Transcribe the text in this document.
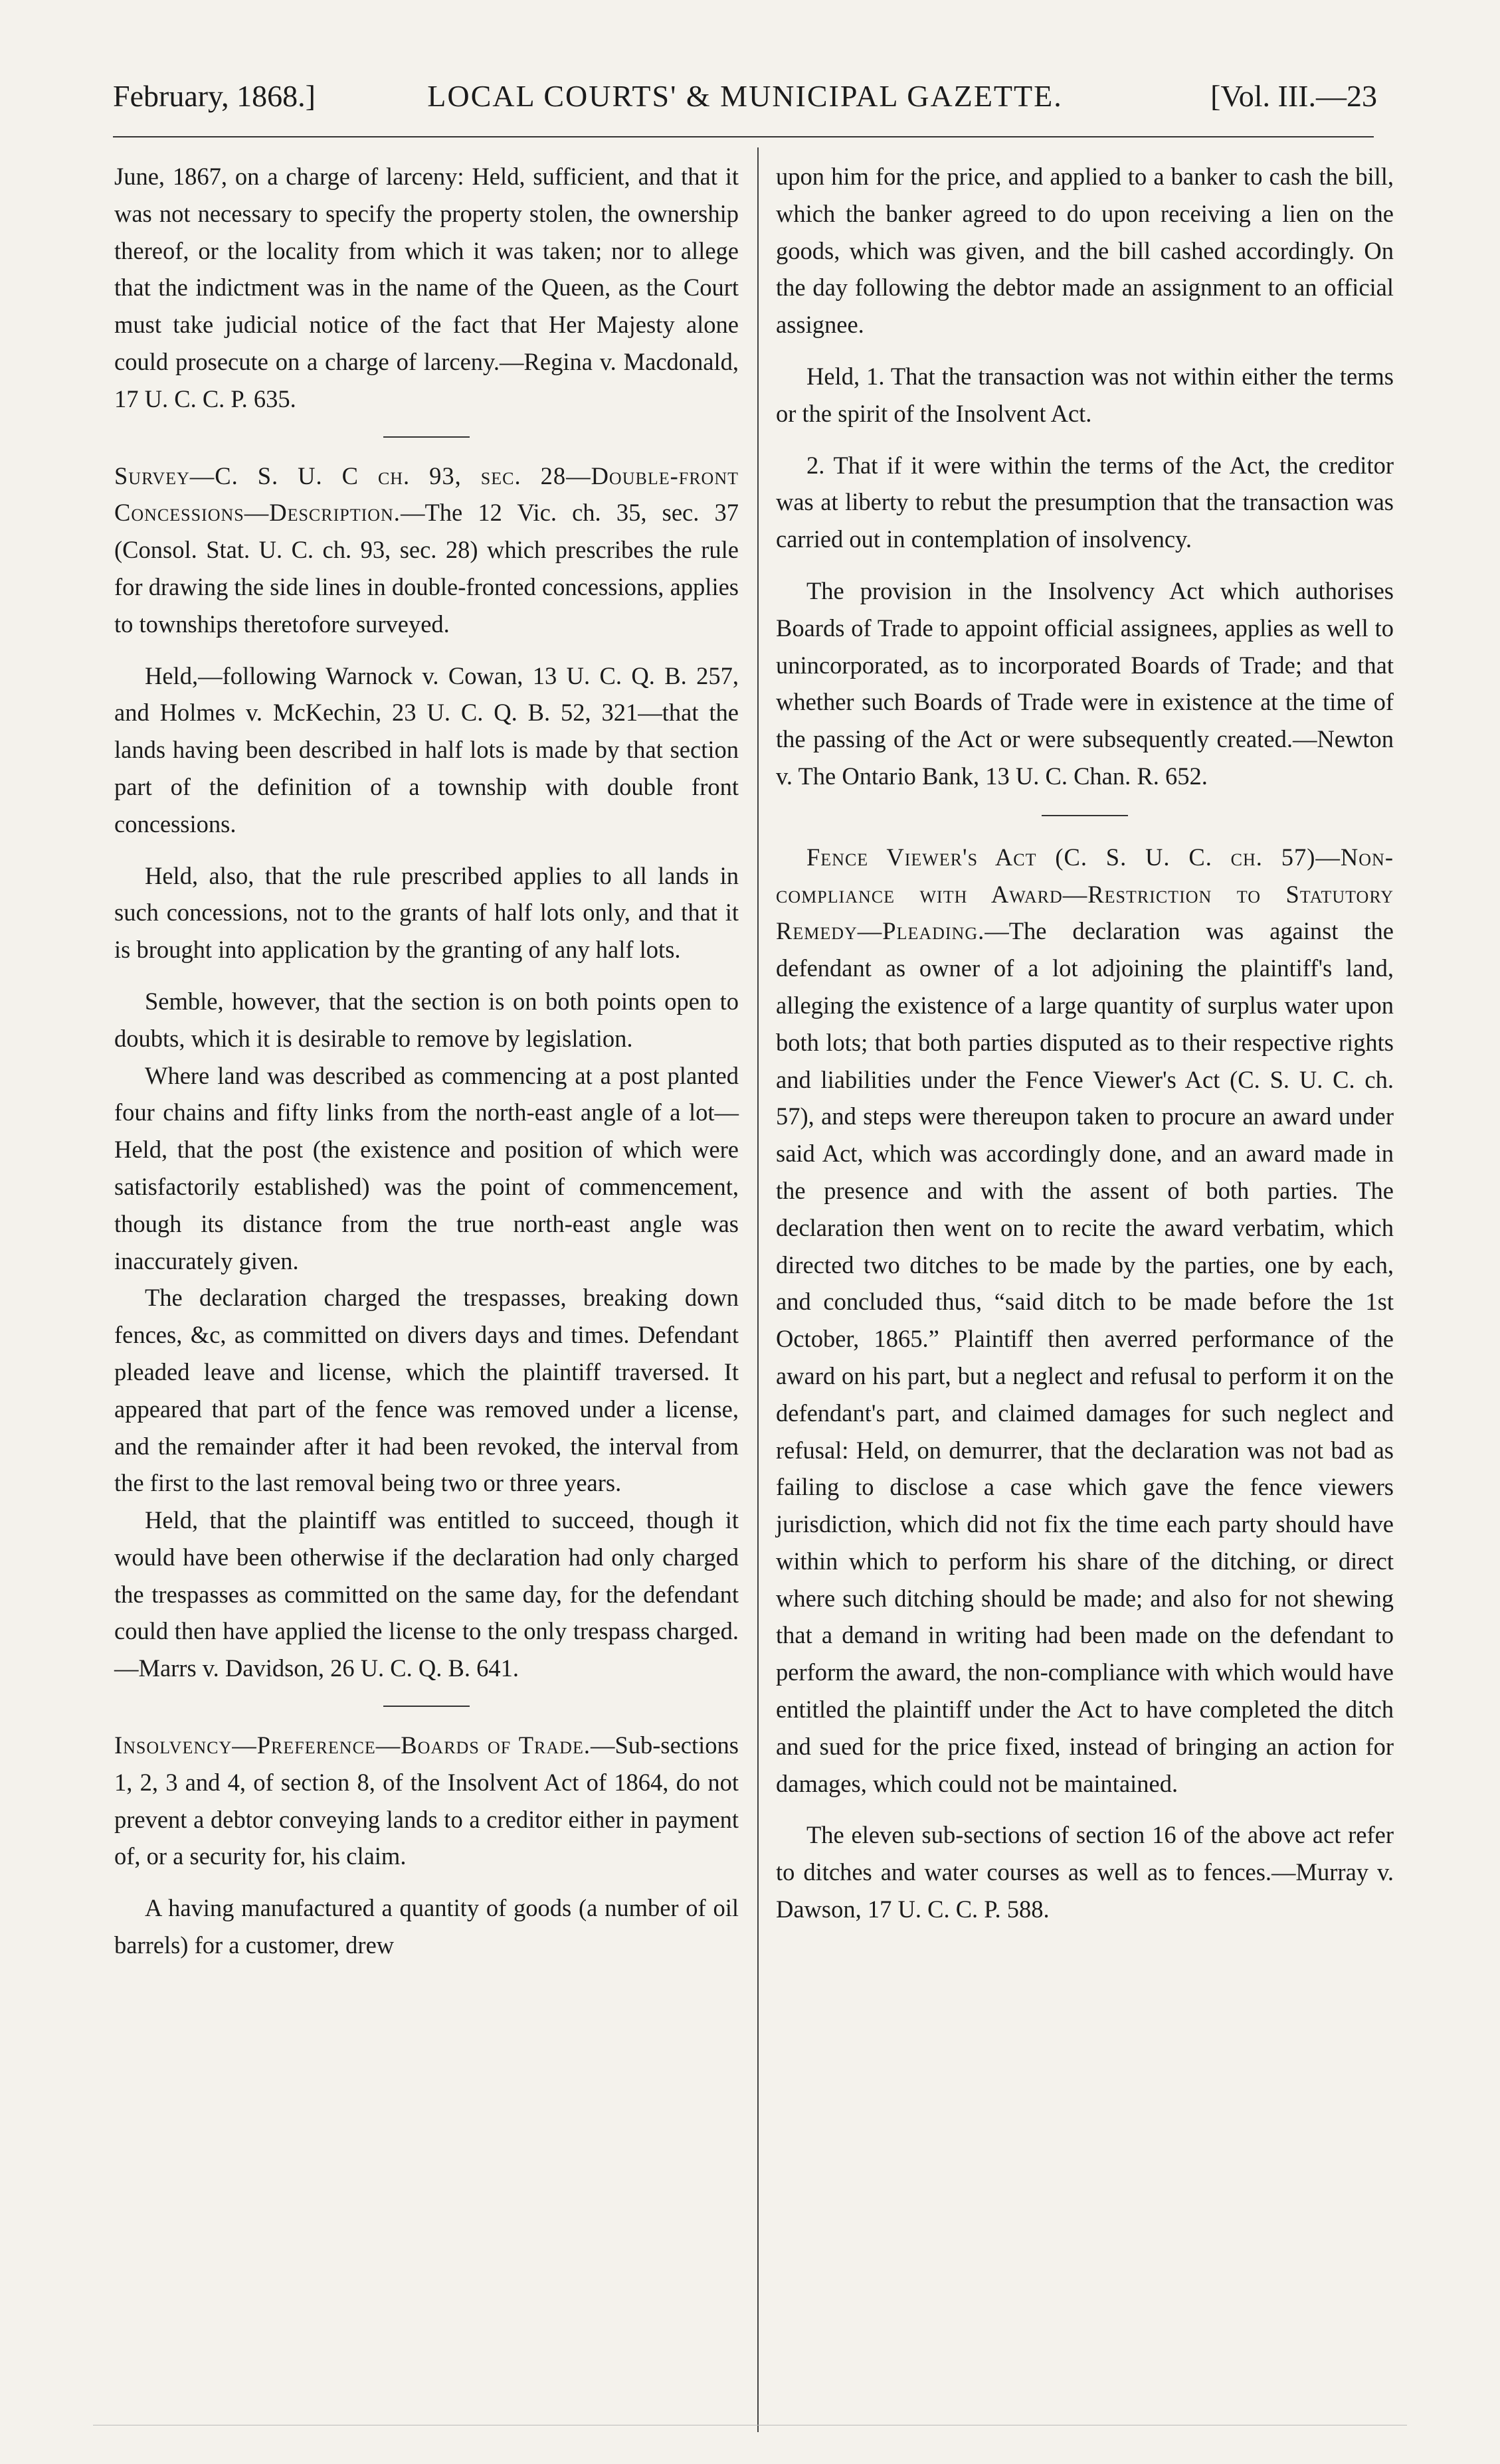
February, 1868.]	LOCAL COURTS' & MUNICIPAL GAZETTE.	[Vol. III.—23

June, 1867, on a charge of larceny: Held, sufficient, and that it was not necessary to specify the property stolen, the ownership thereof, or the locality from which it was taken; nor to allege that the indictment was in the name of the Queen, as the Court must take judicial notice of the fact that Her Majesty alone could prosecute on a charge of larceny.—Regina v. Macdonald, 17 U. C. C. P. 635.

Survey—C. S. U. C ch. 93, sec. 28—Double-front Concessions—Description.—The 12 Vic. ch. 35, sec. 37 (Consol. Stat. U. C. ch. 93, sec. 28) which prescribes the rule for drawing the side lines in double-fronted concessions, applies to townships theretofore surveyed.

Held,—following Warnock v. Cowan, 13 U. C. Q. B. 257, and Holmes v. McKechin, 23 U. C. Q. B. 52, 321—that the lands having been described in half lots is made by that section part of the definition of a township with double front concessions.

Held, also, that the rule prescribed applies to all lands in such concessions, not to the grants of half lots only, and that it is brought into application by the granting of any half lots.

Semble, however, that the section is on both points open to doubts, which it is desirable to remove by legislation.

Where land was described as commencing at a post planted four chains and fifty links from the north-east angle of a lot—Held, that the post (the existence and position of which were satisfactorily established) was the point of commencement, though its distance from the true north-east angle was inaccurately given.

The declaration charged the trespasses, breaking down fences, &c, as committed on divers days and times. Defendant pleaded leave and license, which the plaintiff traversed. It appeared that part of the fence was removed under a license, and the remainder after it had been revoked, the interval from the first to the last removal being two or three years.

Held, that the plaintiff was entitled to succeed, though it would have been otherwise if the declaration had only charged the trespasses as committed on the same day, for the defendant could then have applied the license to the only trespass charged.—Marrs v. Davidson, 26 U. C. Q. B. 641.

Insolvency—Preference—Boards of Trade.—Sub-sections 1, 2, 3 and 4, of section 8, of the Insolvent Act of 1864, do not prevent a debtor conveying lands to a creditor either in payment of, or a security for, his claim.

A having manufactured a quantity of goods (a number of oil barrels) for a customer, drew

upon him for the price, and applied to a banker to cash the bill, which the banker agreed to do upon receiving a lien on the goods, which was given, and the bill cashed accordingly. On the day following the debtor made an assignment to an official assignee.

Held, 1. That the transaction was not within either the terms or the spirit of the Insolvent Act.

2. That if it were within the terms of the Act, the creditor was at liberty to rebut the presumption that the transaction was carried out in contemplation of insolvency.

The provision in the Insolvency Act which authorises Boards of Trade to appoint official assignees, applies as well to unincorporated, as to incorporated Boards of Trade; and that whether such Boards of Trade were in existence at the time of the passing of the Act or were subsequently created.—Newton v. The Ontario Bank, 13 U. C. Chan. R. 652.

Fence Viewer's Act (C. S. U. C. ch. 57)—Non-compliance with Award—Restriction to Statutory Remedy—Pleading.—The declaration was against the defendant as owner of a lot adjoining the plaintiff's land, alleging the existence of a large quantity of surplus water upon both lots; that both parties disputed as to their respective rights and liabilities under the Fence Viewer's Act (C. S. U. C. ch. 57), and steps were thereupon taken to procure an award under said Act, which was accordingly done, and an award made in the presence and with the assent of both parties. The declaration then went on to recite the award verbatim, which directed two ditches to be made by the parties, one by each, and concluded thus, “said ditch to be made before the 1st October, 1865.” Plaintiff then averred performance of the award on his part, but a neglect and refusal to perform it on the defendant's part, and claimed damages for such neglect and refusal: Held, on demurrer, that the declaration was not bad as failing to disclose a case which gave the fence viewers jurisdiction, which did not fix the time each party should have within which to perform his share of the ditching, or direct where such ditching should be made; and also for not shewing that a demand in writing had been made on the defendant to perform the award, the non-compliance with which would have entitled the plaintiff under the Act to have completed the ditch and sued for the price fixed, instead of bringing an action for damages, which could not be maintained.

The eleven sub-sections of section 16 of the above act refer to ditches and water courses as well as to fences.—Murray v. Dawson, 17 U. C. C. P. 588.
